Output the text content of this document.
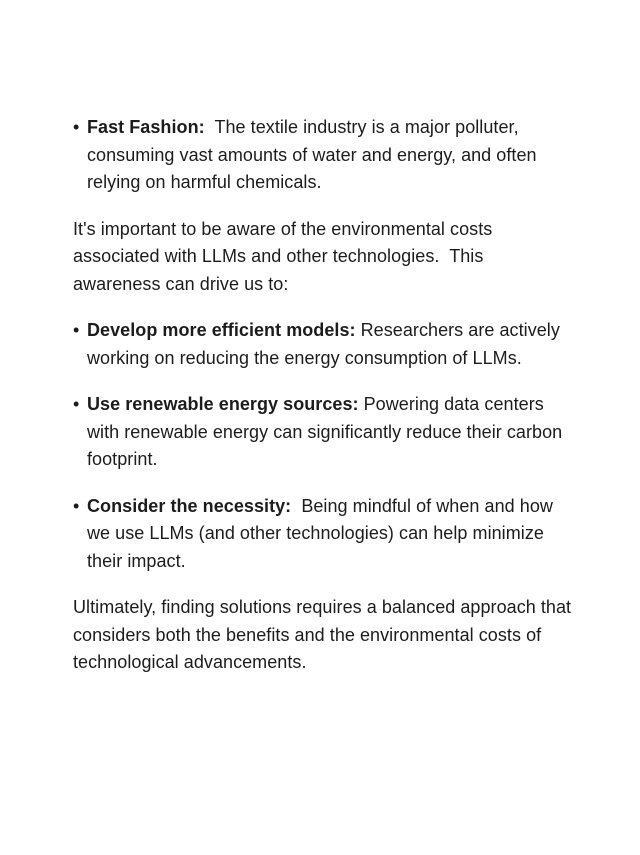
• Fast Fashion:  The textile industry is a major polluter, consuming vast amounts of water and energy, and often relying on harmful chemicals.

It's important to be aware of the environmental costs associated with LLMs and other technologies.  This awareness can drive us to:

• Develop more efficient models: Researchers are actively working on reducing the energy consumption of LLMs.
• Use renewable energy sources: Powering data centers with renewable energy can significantly reduce their carbon footprint.
• Consider the necessity:  Being mindful of when and how we use LLMs (and other technologies) can help minimize their impact.

Ultimately, finding solutions requires a balanced approach that considers both the benefits and the environmental costs of technological advancements.
